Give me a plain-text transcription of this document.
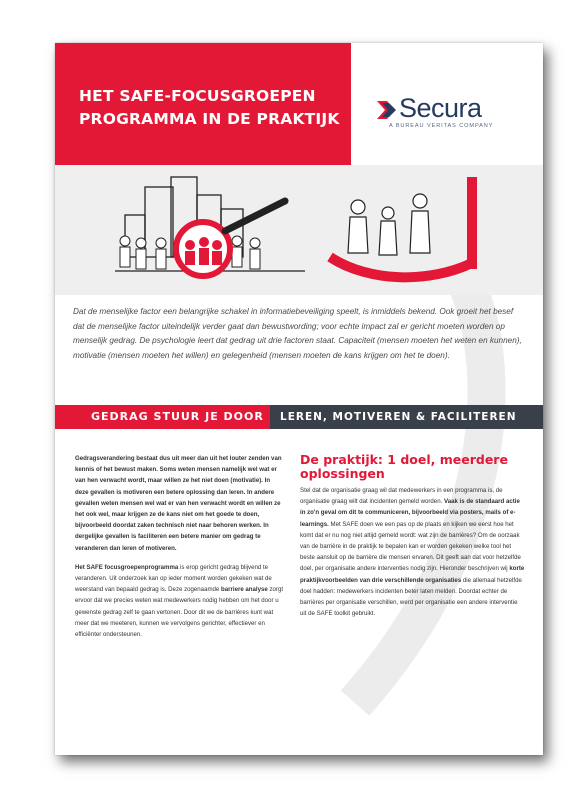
HET SAFE-FOCUSGROEPEN
PROGRAMMA IN DE PRAKTIJK	Secura
A BUREAU VERITAS COMPANY
Dat de menselijke factor een belangrijke schakel in informatiebeveiliging speelt, is inmiddels bekend. Ook groeit het besef dat de menselijke factor uiteindelijk verder gaat dan bewustwording; voor echte impact zal er gericht moeten worden op menselijk gedrag. De psychologie leert dat gedrag uit drie factoren staat. Capaciteit (mensen moeten het weten en kunnen), motivatie (mensen moeten het willen) en gelegenheid (mensen moeten de kans krijgen om het te doen).
GEDRAG STUUR JE DOOR	LEREN, MOTIVEREN & FACILITEREN

Gedragsverandering bestaat dus uit meer dan uit het louter zenden van kennis of het bewust maken. Soms weten mensen namelijk wel wat er van hen verwacht wordt, maar willen ze het niet doen (motivatie). In deze gevallen is motiveren een betere oplossing dan leren. In andere gevallen weten mensen wel wat er van hen verwacht wordt en willen ze het ook wel, maar krijgen ze de kans niet om het goede te doen, bijvoorbeeld doordat zaken technisch niet naar behoren werken. In dergelijke gevallen is faciliteren een betere manier om gedrag te veranderen dan leren of motiveren.

Het SAFE focusgroepenprogramma is erop gericht gedrag blijvend te veranderen. Uit onderzoek kan op ieder moment worden gekeken wat de weerstand van bepaald gedrag is. Deze zogenaamde barriere analyse zorgt ervoor dat we precies weten wat medewerkers nodig hebben om het door u gewenste gedrag zelf te gaan vertonen. Door dit we de barrières kunt wat meer dat we meeteren, kunnen we vervolgens gerichter, effectiever en efficiënter ondersteunen.

De praktijk: 1 doel, meerdere oplossingen

Stel dat de organisatie graag wil dat medewerkers in een programma is, de organisatie graag wilt dat incidenten gemeld worden. Vaak is de standaard actie in zo'n geval om dit te communiceren, bijvoorbeeld via posters, mails of e-learnings. Met SAFE doen we een pas op de plaats en kijken we eerst hoe het komt dat er nu nog niet altijd gemeld wordt: wat zijn de barrières? Om de oorzaak van de barrière in de praktijk te bepalen kan er worden gekeken welke tool het beste aansluit op de barrière die mensen ervaren. Dit geeft aan dat voor hetzelfde doel, per organisatie andere interventies nodig zijn. Hieronder beschrijven wij korte praktijkvoorbeelden van drie verschillende organisaties die allemaal hetzelfde doel hadden: medewerkers incidenten beter laten melden. Doordat echter de barrières per organisatie verschillen, werd per organisatie een andere interventie uit de SAFE toolkit gebruikt.
